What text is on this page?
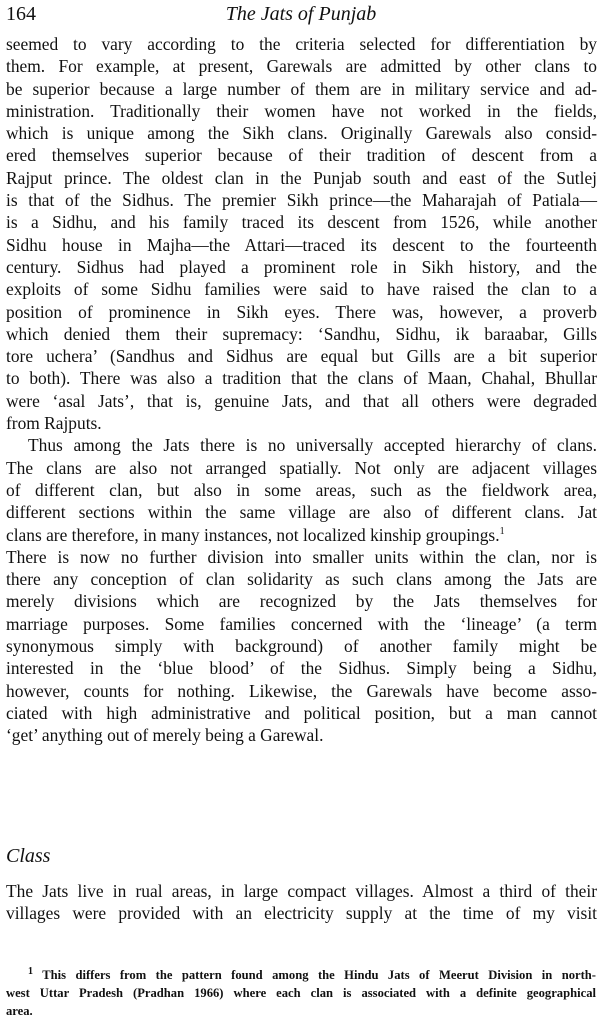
164	The Jats of Punjab

seemed to vary according to the criteria selected for differentiation by
them. For example, at present, Garewals are admitted by other clans to
be superior because a large number of them are in military service and ad-
ministration. Traditionally their women have not worked in the fields,
which is unique among the Sikh clans. Originally Garewals also consid-
ered themselves superior because of their tradition of descent from a
Rajput prince. The oldest clan in the Punjab south and east of the Sutlej
is that of the Sidhus. The premier Sikh prince—the Maharajah of Patiala—
is a Sidhu, and his family traced its descent from 1526, while another
Sidhu house in Majha—the Attari—traced its descent to the fourteenth
century. Sidhus had played a prominent role in Sikh history, and the
exploits of some Sidhu families were said to have raised the clan to a
position of prominence in Sikh eyes. There was, however, a proverb
which denied them their supremacy: ‘Sandhu, Sidhu, ik baraabar, Gills
tore uchera’ (Sandhus and Sidhus are equal but Gills are a bit superior
to both). There was also a tradition that the clans of Maan, Chahal, Bhullar
were ‘asal Jats’, that is, genuine Jats, and that all others were degraded
from Rajputs.

Thus among the Jats there is no universally accepted hierarchy of clans.
The clans are also not arranged spatially. Not only are adjacent villages
of different clan, but also in some areas, such as the fieldwork area,
different sections within the same village are also of different clans. Jat
clans are therefore, in many instances, not localized kinship groupings.$^1$
There is now no further division into smaller units within the clan, nor is
there any conception of clan solidarity as such clans among the Jats are
merely divisions which are recognized by the Jats themselves for
marriage purposes. Some families concerned with the ‘lineage’ (a term
synonymous simply with background) of another family might be
interested in the ‘blue blood’ of the Sidhus. Simply being a Sidhu,
however, counts for nothing. Likewise, the Garewals have become asso-
ciated with high administrative and political position, but a man cannot
‘get’ anything out of merely being a Garewal.

Class
The Jats live in rual areas, in large compact villages. Almost a third of their
villages were provided with an electricity supply at the time of my visit
$^1$ This differs from the pattern found among the Hindu Jats of Meerut Division in north-
west Uttar Pradesh (Pradhan 1966) where each clan is associated with a definite geographical
area.
